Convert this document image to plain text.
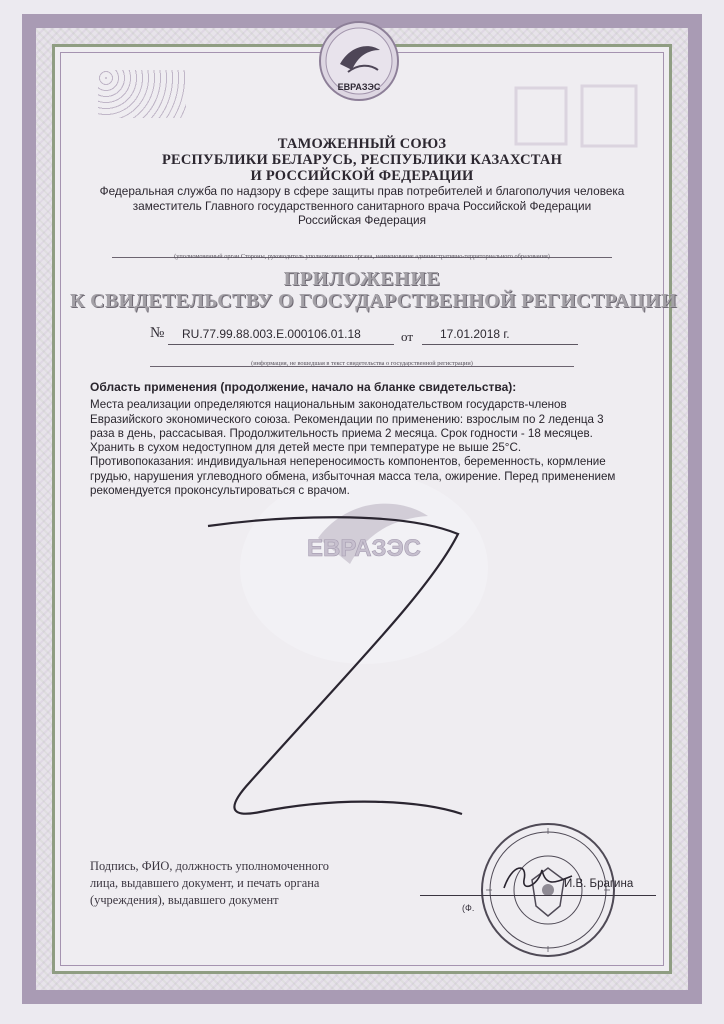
ЕВРАЗЭС
ЕВРАЗЭС
ТАМОЖЕННЫЙ СОЮЗ
РЕСПУБЛИКИ БЕЛАРУСЬ, РЕСПУБЛИКИ КАЗАХСТАН
И РОССИЙСКОЙ ФЕДЕРАЦИИ
Федеральная служба по надзору в сфере защиты прав потребителей и благополучия человека
заместитель Главного государственного санитарного врача Российской Федерации
Российская Федерация
(уполномоченный орган Стороны, руководитель уполномоченного органа, наименование административно-территориального образования)
ПРИЛОЖЕНИЕ
К СВИДЕТЕЛЬСТВУ О ГОСУДАРСТВЕННОЙ РЕГИСТРАЦИИ
№ RU.77.99.88.003.E.000106.01.18	от 17.01.2018 г.
(информация, не вошедшая в текст свидетельства о государственной регистрации)
Область применения (продолжение, начало на бланке свидетельства):
Места реализации определяются национальным законодательством государств-членов
Евразийского экономического союза. Рекомендации по применению: взрослым по 2 леденца 3
раза в день, рассасывая. Продолжительность приема 2 месяца. Срок годности - 18 месяцев.
Хранить в сухом недоступном для детей месте при температуре не выше 25°С.
Противопоказания: индивидуальная непереносимость компонентов, беременность, кормление
грудью, нарушения углеводного обмена, избыточная масса тела, ожирение. Перед применением
рекомендуется проконсультироваться с врачом.
Подпись, ФИО, должность уполномоченного
лица, выдавшего документ, и печать органа
(учреждения), выдавшего документ
И.В. Брагина
(Ф.
